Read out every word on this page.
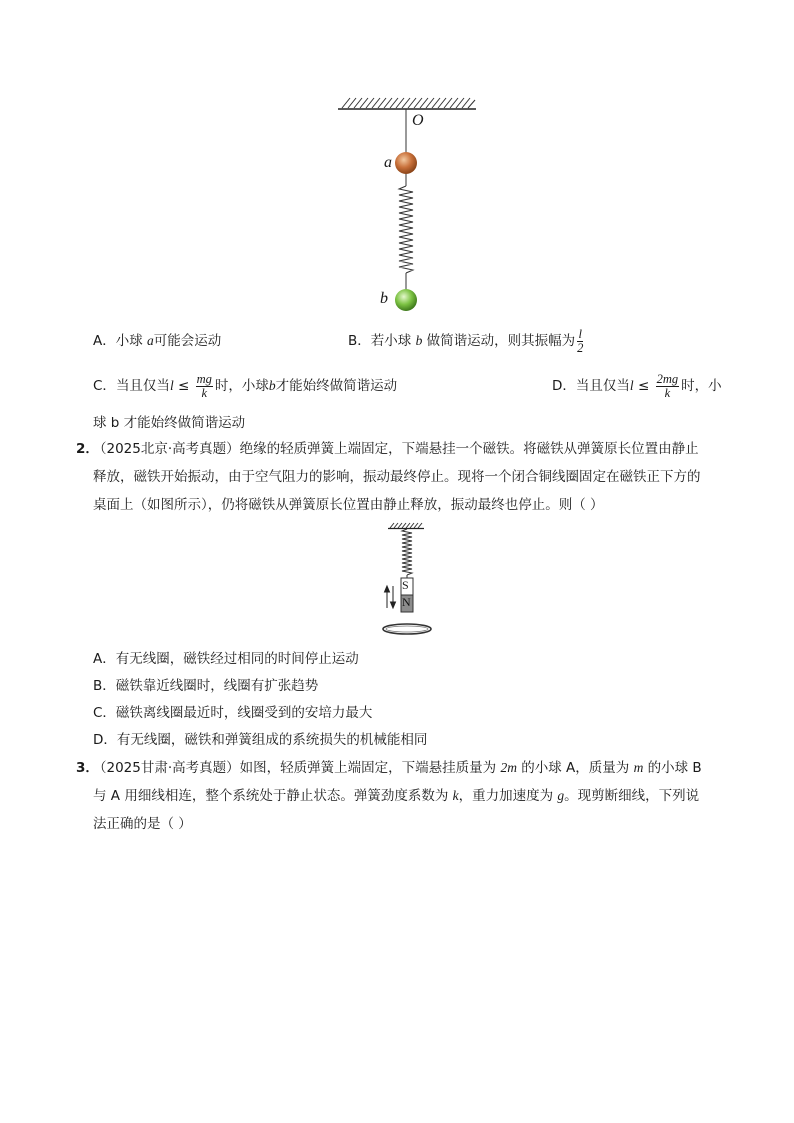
O
a
b
A．小球 a可能会运动	B．若小球 b 做简谐运动，则其振幅为 $\frac{l}{2}$
C．当且仅当$l \le \frac{mg}{k}$ 时，小球b才能始终做简谐运动	D．当且仅当$l \le \frac{2mg}{k}$ 时，小
球 b 才能始终做简谐运动
2．
（2025北京·高考真题）绝缘的轻质弹簧上端固定，下端悬挂一个磁铁。将磁铁从弹簧原长位置由静止
释放，磁铁开始振动，由于空气阻力的影响，振动最终停止。现将一个闭合铜线圈固定在磁铁正下方的
桌面上（如图所示），仍将磁铁从弹簧原长位置由静止释放，振动最终也停止。则（ ）
S
N
A．有无线圈，磁铁经过相同的时间停止运动
B．磁铁靠近线圈时，线圈有扩张趋势
C．磁铁离线圈最近时，线圈受到的安培力最大
D．有无线圈，磁铁和弹簧组成的系统损失的机械能相同
3．
（2025甘肃·高考真题）如图，轻质弹簧上端固定，下端悬挂质量为 2m 的小球 A，质量为 m 的小球 B
与 A 用细线相连，整个系统处于静止状态。弹簧劲度系数为 k，重力加速度为 g。现剪断细线，下列说
法正确的是（ ）
